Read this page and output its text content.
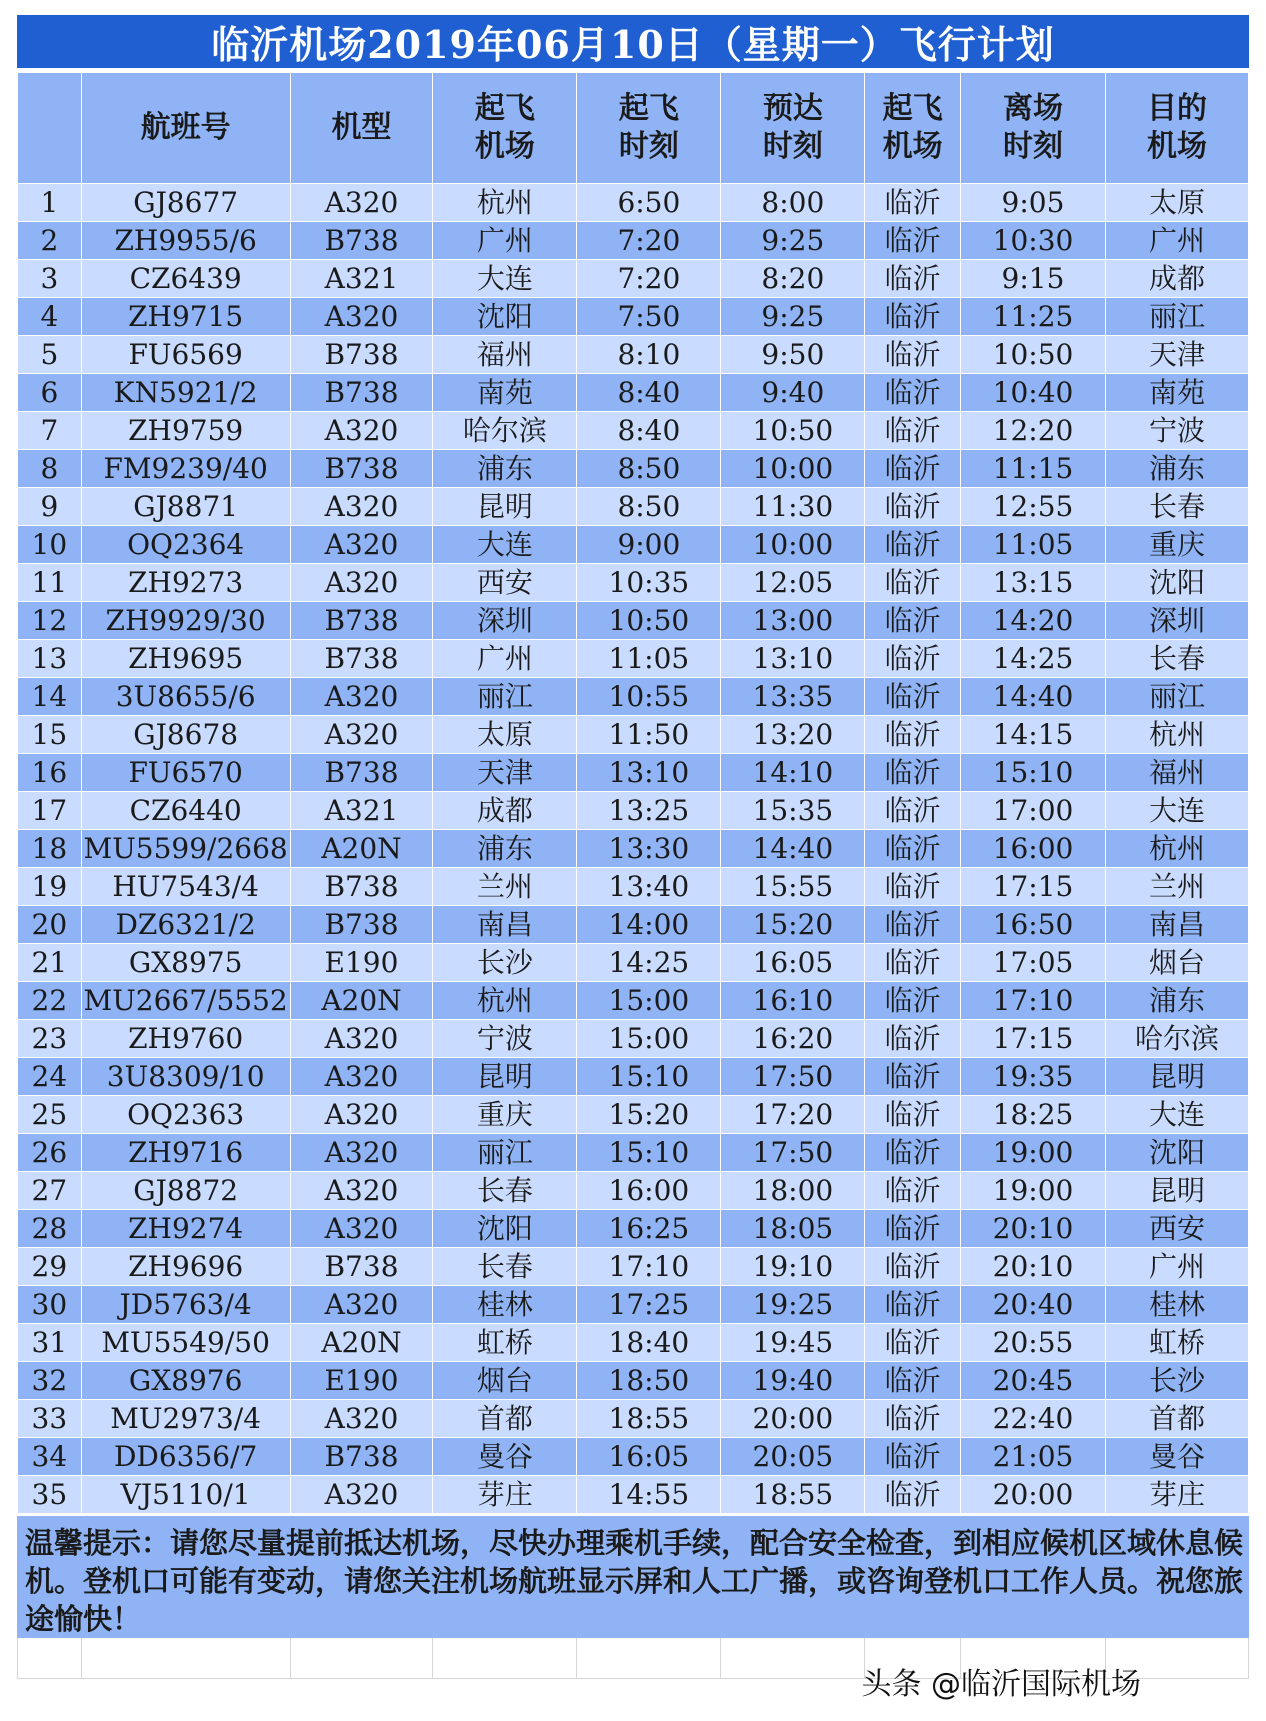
临沂机场2019年06月10日（星期一）飞行计划
	航班号	机型	起飞机场	起飞时刻	预达时刻	起飞机场	离场时刻	目的机场

1	GJ8677	A320	杭州	6:50	8:00	临沂	9:05	太原
2	ZH9955/6	B738	广州	7:20	9:25	临沂	10:30	广州
3	CZ6439	A321	大连	7:20	8:20	临沂	9:15	成都
4	ZH9715	A320	沈阳	7:50	9:25	临沂	11:25	丽江
5	FU6569	B738	福州	8:10	9:50	临沂	10:50	天津
6	KN5921/2	B738	南苑	8:40	9:40	临沂	10:40	南苑
7	ZH9759	A320	哈尔滨	8:40	10:50	临沂	12:20	宁波
8	FM9239/40	B738	浦东	8:50	10:00	临沂	11:15	浦东
9	GJ8871	A320	昆明	8:50	11:30	临沂	12:55	长春
10	OQ2364	A320	大连	9:00	10:00	临沂	11:05	重庆
11	ZH9273	A320	西安	10:35	12:05	临沂	13:15	沈阳
12	ZH9929/30	B738	深圳	10:50	13:00	临沂	14:20	深圳
13	ZH9695	B738	广州	11:05	13:10	临沂	14:25	长春
14	3U8655/6	A320	丽江	10:55	13:35	临沂	14:40	丽江
15	GJ8678	A320	太原	11:50	13:20	临沂	14:15	杭州
16	FU6570	B738	天津	13:10	14:10	临沂	15:10	福州
17	CZ6440	A321	成都	13:25	15:35	临沂	17:00	大连
18	MU5599/2668	A20N	浦东	13:30	14:40	临沂	16:00	杭州
19	HU7543/4	B738	兰州	13:40	15:55	临沂	17:15	兰州
20	DZ6321/2	B738	南昌	14:00	15:20	临沂	16:50	南昌
21	GX8975	E190	长沙	14:25	16:05	临沂	17:05	烟台
22	MU2667/5552	A20N	杭州	15:00	16:10	临沂	17:10	浦东
23	ZH9760	A320	宁波	15:00	16:20	临沂	17:15	哈尔滨
24	3U8309/10	A320	昆明	15:10	17:50	临沂	19:35	昆明
25	OQ2363	A320	重庆	15:20	17:20	临沂	18:25	大连
26	ZH9716	A320	丽江	15:10	17:50	临沂	19:00	沈阳
27	GJ8872	A320	长春	16:00	18:00	临沂	19:00	昆明
28	ZH9274	A320	沈阳	16:25	18:05	临沂	20:10	西安
29	ZH9696	B738	长春	17:10	19:10	临沂	20:10	广州
30	JD5763/4	A320	桂林	17:25	19:25	临沂	20:40	桂林
31	MU5549/50	A20N	虹桥	18:40	19:45	临沂	20:55	虹桥
32	GX8976	E190	烟台	18:50	19:40	临沂	20:45	长沙
33	MU2973/4	A320	首都	18:55	20:00	临沂	22:40	首都
34	DD6356/7	B738	曼谷	16:05	20:05	临沂	21:05	曼谷
35	VJ5110/1	A320	芽庄	14:55	18:55	临沂	20:00	芽庄
温馨提示：请您尽量提前抵达机场，尽快办理乘机手续，配合安全检查，到相应候机区域休息候机。登机口可能有变动，请您关注机场航班显示屏和人工广播，或咨询登机口工作人员。祝您旅途愉快！

头条 @临沂国际机场
